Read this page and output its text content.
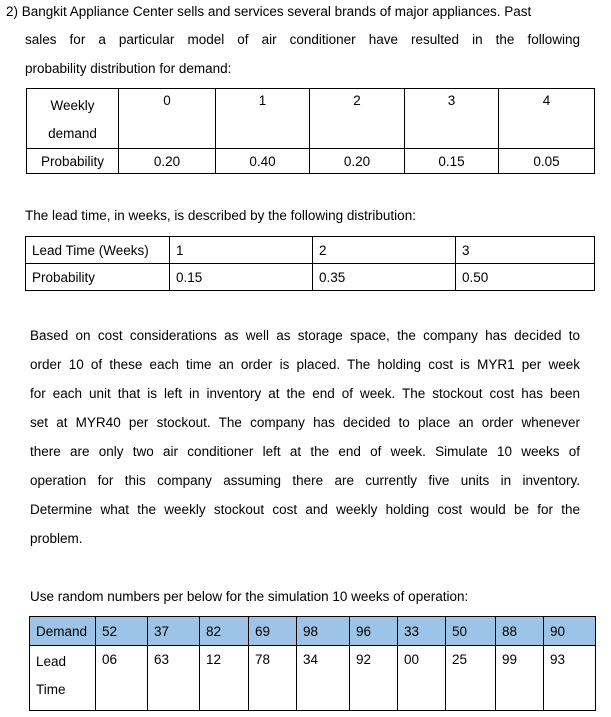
2) Bangkit Appliance Center sells and services several brands of major appliances. Past
sales for a particular model of air conditioner have resulted in the following
probability distribution for demand:
Weekly demand	0	1	2	3	4
Probability	0.20	0.40	0.20	0.15	0.05
The lead time, in weeks, is described by the following distribution:
Lead Time (Weeks)	1	2	3
Probability	0.15	0.35	0.50
Based on cost considerations as well as storage space, the company has decided to
order 10 of these each time an order is placed. The holding cost is MYR1 per week
for each unit that is left in inventory at the end of week. The stockout cost has been
set at MYR40 per stockout. The company has decided to place an order whenever
there are only two air conditioner left at the end of week. Simulate 10 weeks of
operation for this company assuming there are currently five units in inventory.
Determine what the weekly stockout cost and weekly holding cost would be for the
problem.
Use random numbers per below for the simulation 10 weeks of operation:
Demand	52	37	82	69	98	96	33	50	88	90
Lead
Time	06	63	12	78	34	92	00	25	99	93
